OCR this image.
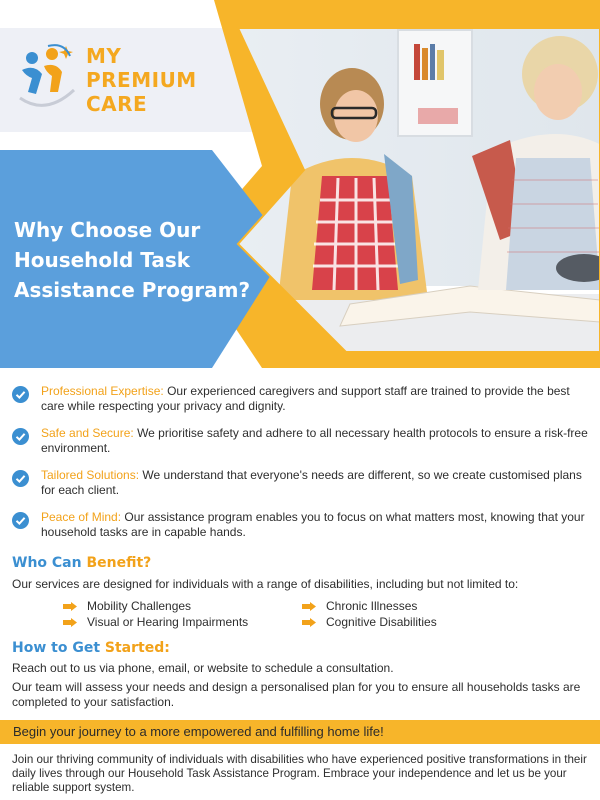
MY
PREMIUM
CARE
Why Choose Our
Household Task
Assistance Program?
Professional Expertise: Our experienced caregivers and support staff are trained to provide the best care while respecting your privacy and dignity.
Safe and Secure: We prioritise safety and adhere to all necessary health protocols to ensure a risk-free environment.
Tailored Solutions: We understand that everyone's needs are different, so we create customised plans for each client.
Peace of Mind: Our assistance program enables you to focus on what matters most, knowing that your household tasks are in capable hands.
Who Can Benefit?
Our services are designed for individuals with a range of disabilities, including but not limited to:
Mobility Challenges
Visual or Hearing Impairments
Chronic Illnesses
Cognitive Disabilities
How to Get Started:
Reach out to us via phone, email, or website to schedule a consultation.
Our team will assess your needs and design a personalised plan for you to ensure all households tasks are completed to your satisfaction.
Begin your journey to a more empowered and fulfilling home life!
Join our thriving community of individuals with disabilities who have experienced positive transformations in their daily lives through our Household Task Assistance Program. Embrace your independence and let us be your reliable support system.
